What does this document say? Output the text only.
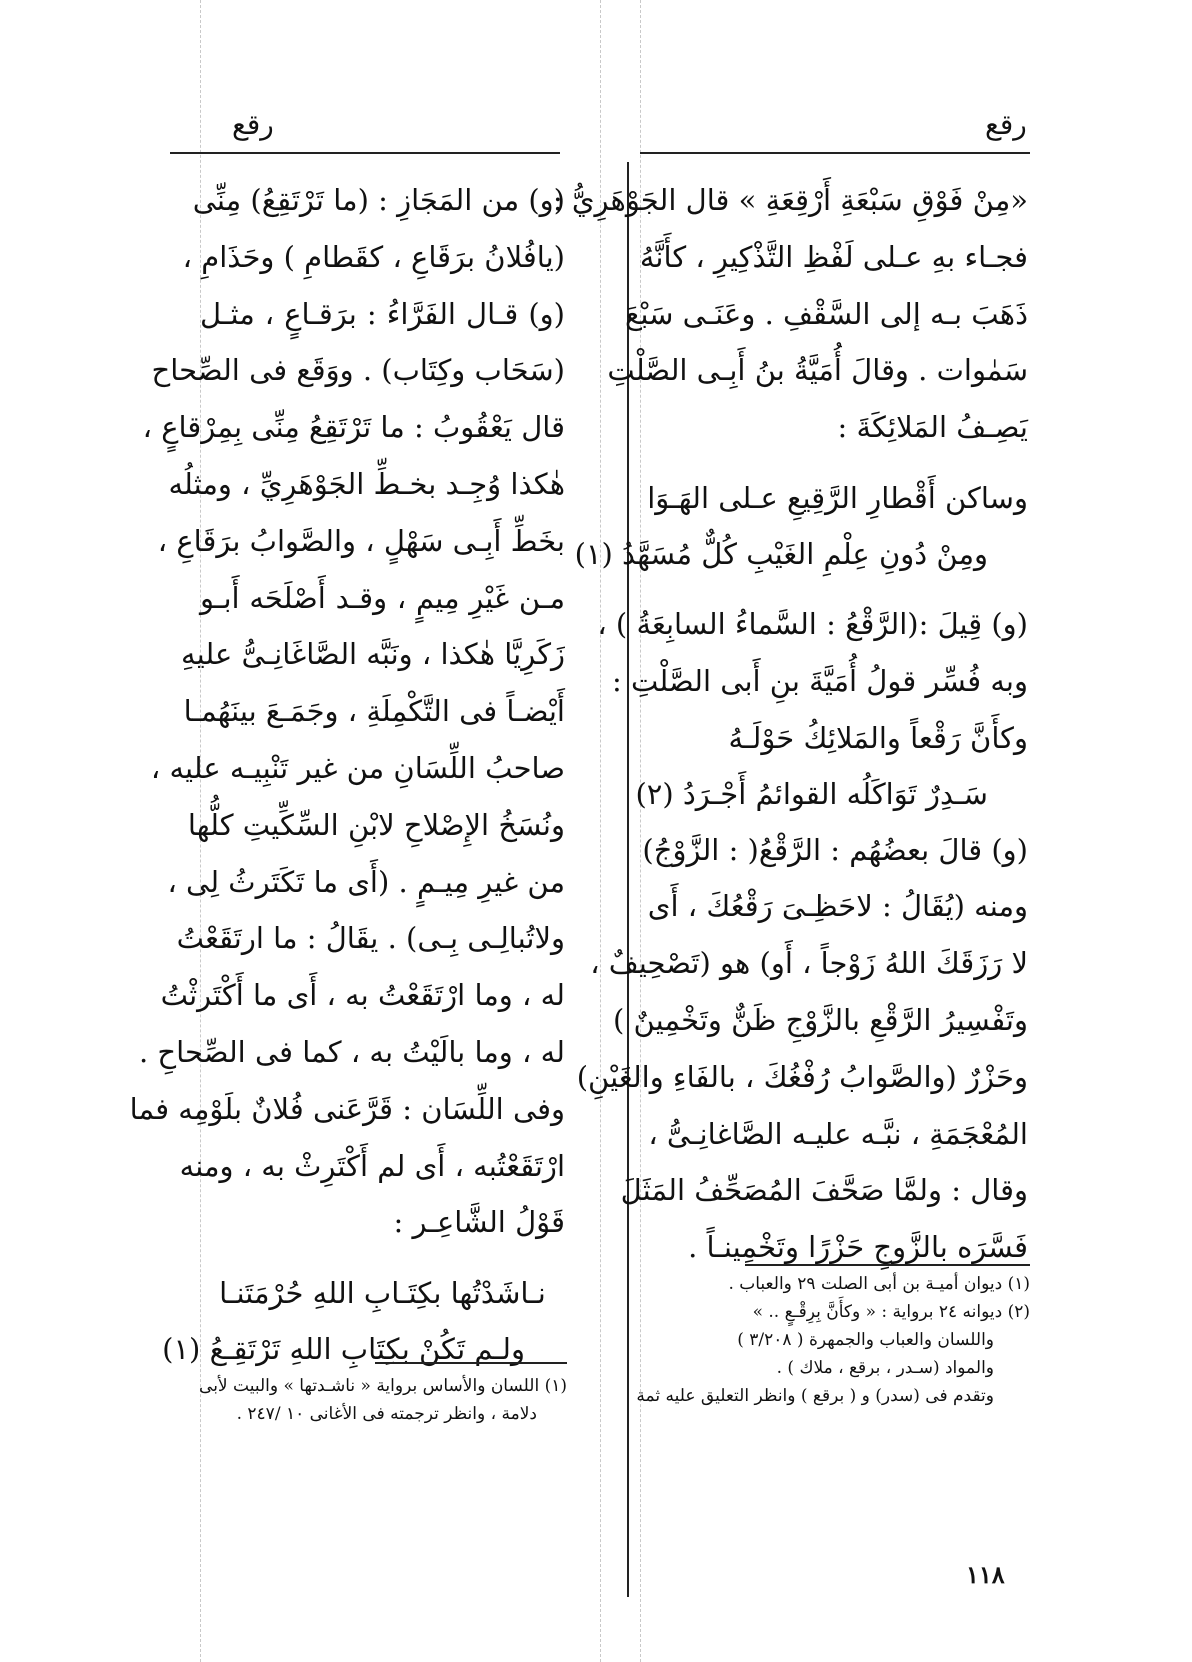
رقع	رقع
«مِنْ فَوْقِ سَبْعَةِ أَرْقِعَةِ » قال الجَوْهَرِيُّ :
فجـاء بهِ عـلى لَفْظِ التَّذْكِيرِ ، كأَنَّهُ
ذَهَبَ بـه إلى السَّقْفِ . وعَنَـى سَبْعَ
سَمٰوات . وقالَ أُمَيَّةُ بنُ أَبِـى الصَّلْتِ
يَصِـفُ المَلائِكَةَ :
وساكن أَقْطارِ الرَّقِيعِ عـلى الهَـوَا
ومِنْ دُونِ عِلْمِ الغَيْبِ كُلٌّ مُسَهَّدُ (١)
(و) قِيلَ :(الرَّقْعُ : السَّماءُ السابِعَةُ ) ،
وبه فُسِّر قولُ أُمَيَّةَ بنِ أَبى الصَّلْتِ :
وكأَنَّ رَقْعاً والمَلائِكُ حَوْلَـهُ
سَـدِرٌ تَوَاكَلُه القوائمُ أَجْـرَدُ (٢)
(و) قالَ بعضُهُم : الرَّقْعُ( : الزَّوْجُ)
ومنه (يُقَالُ : لاحَظِـىَ رَقْعُكَ ، أَى
لا رَزَقَكَ اللهُ زَوْجاً ، أَو) هو (تَصْحِيفٌ ،
وتَفْسِيرُ الرَّقْعِ بالزَّوْجِ ظَنٌّ وتَخْمِينٌ )
وحَزْرٌ (والصَّوابُ رُفْغُكَ ، بالفَاءِ والغَيْنِ)
المُعْجَمَةِ ، نبَّـه عليـه الصَّاغانِـىُّ ،
وقال : ولمَّا صَحَّفَ المُصَحِّفُ المَثَلَ
فَسَّرَه بالزَّوجِ حَزْرًا وتَخْمِينـاً .
(١) ديوان أميـة بن أبى الصلت ٢٩ والعباب .
(٢) ديوانه ٢٤ برواية : « وكأَنَّ بِرِقْـعٍ .. »
واللسان والعباب والجمهرة ( ٣/٢٠٨ )
والمواد (سـدر ، برقع ، ملاك ) .
وتقدم فى (سدر) و ( برقع ) وانظر التعليق عليه ثمة
(و) من المَجَازِ : (ما تَرْتَقِعُ) مِنِّى
(يافُلانُ برَقَاعِ ، كقَطامِ ) وحَذَامِ ،
(و) قـال الفَرَّاءُ : برَقـاعٍ ، مثـل
(سَحَاب وكِتَاب) . ووَقَع فى الصِّحاح
قال يَعْقُوبُ : ما تَرْتَقِعُ مِنِّى بِمِرْقاعٍ ،
هٰكذا وُجِـد بخـطِّ الجَوْهَرِيِّ ، ومثلُه
بخَطِّ أَبِـى سَهْلٍ ، والصَّوابُ برَقَاعِ ،
مـن غَيْرِ مِيمٍ ، وقـد أَصْلَحَه أَبـو
زَكَرِيَّا هٰكذا ، ونَبَّه الصَّاغَانِـىُّ عليهِ
أَيْضـاً فى التَّكْمِلَةِ ، وجَمَـعَ بينَهُمـا
صاحبُ اللِّسَانِ من غير تَنْبِيـه عليه ،
ونُسَخُ الإِصْلاحِ لابْنِ السِّكِّيتِ كلُّها
من غيرِ مِيـمٍ . (أَى ما تَكَتَرثُ لِى ،
ولاتُبالِـى بِـى) . يقَالُ : ما ارتَقَعْتُ
له ، وما ارْتَقَعْتُ به ، أَى ما أَكْتَرثْتُ
له ، وما بالَيْتُ به ، كما فى الصِّحاحِ .
وفى اللِّسَان : قَرَّعَنى فُلانٌ بلَوْمِه فما
ارْتَقَعْتُبه ، أَى لم أَكْتَرِثْ به ، ومنه
قَوْلُ الشَّاعِـر :
نـاشَدْتُها بكِتَـابِ اللهِ حُرْمَتَنـا
ولـم تَكُنْ بكِتَابِ اللهِ تَرْتَقِـعُ (١)
(١) اللسان والأساس برواية « ناشـدتها » والبيت لأبى
دلامة ، وانظر ترجمته فى الأغانى ١٠ /٢٤٧ .
١١٨
